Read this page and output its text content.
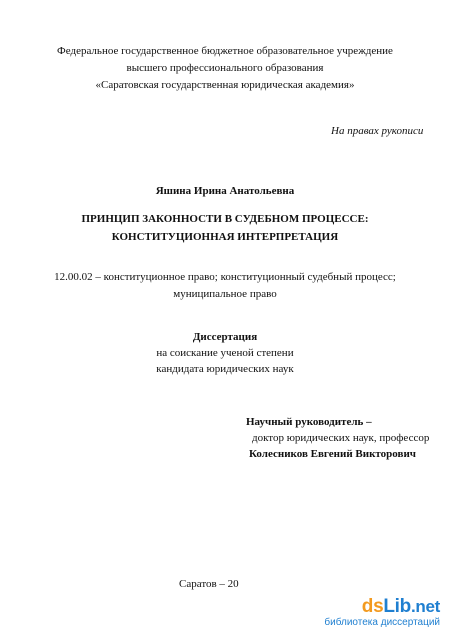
Федеральное государственное бюджетное образовательное учреждение
высшего профессионального образования
«Саратовская государственная юридическая академия»
На правах рукописи
Яшина Ирина Анатольевна
ПРИНЦИП ЗАКОННОСТИ В СУДЕБНОМ ПРОЦЕССЕ:
КОНСТИТУЦИОННАЯ ИНТЕРПРЕТАЦИЯ
12.00.02 – конституционное право; конституционный судебный процесс;
муниципальное право
Диссертация
на соискание ученой степени
кандидата юридических наук
Научный руководитель –
доктор юридических наук, профессор
Колесников Евгений Викторович
Саратов – 20
dsLib.net
библиотека диссертаций
